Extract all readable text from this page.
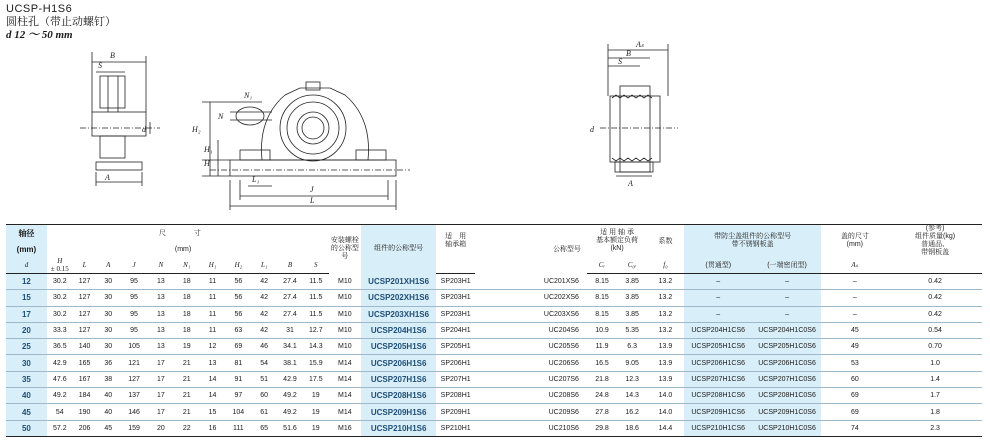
UCSP-H1S6
圆柱孔（带止动螺钉）
d 12 ～ 50 mm
B
S
d
A
N
N₁
H
H₁
H₂
L₁
J
L
Aₛ
B
S
d
A
轴径	尺					寸						安装螺栓的公称型号	组件的公称型号	适　用
轴承箱	公称型号	适 用 轴 承
基本额定负荷
(kN)		系数	带防尘盖组件的公称型号
带不锈钢板盖		盖的尺寸
(mm)	(参考)
组件质量(kg)
普通品、
带钢板盖
(mm)	(mm)																					
d	H
± 0.15	L	A	J	N	N₁	H₁	H₂	L₁	B	S					Cᵣ	C₀ᵣ	f₀	(贯通型)	(一端密闭型)	Aₛ	
12	30.2	127	30	95	13	18	11	56	42	27.4	11.5	M10	UCSP201XH1S6	SP203H1	UC201XS6	8.15	3.85	13.2	–	–	–	0.42
15	30.2	127	30	95	13	18	11	56	42	27.4	11.5	M10	UCSP202XH1S6	SP203H1	UC202XS6	8.15	3.85	13.2	–	–	–	0.42
17	30.2	127	30	95	13	18	11	56	42	27.4	11.5	M10	UCSP203XH1S6	SP203H1	UC203XS6	8.15	3.85	13.2	–	–	–	0.42
20	33.3	127	30	95	13	18	11	63	42	31	12.7	M10	UCSP204H1S6	SP204H1	UC204S6	10.9	5.35	13.2	UCSP204H1CS6	UCSP204H1C0S6	45	0.54
25	36.5	140	30	105	13	19	12	69	46	34.1	14.3	M10	UCSP205H1S6	SP205H1	UC205S6	11.9	6.3	13.9	UCSP205H1CS6	UCSP205H1C0S6	49	0.70
30	42.9	165	36	121	17	21	13	81	54	38.1	15.9	M14	UCSP206H1S6	SP206H1	UC206S6	16.5	9.05	13.9	UCSP206H1CS6	UCSP206H1C0S6	53	1.0
35	47.6	167	38	127	17	21	14	91	51	42.9	17.5	M14	UCSP207H1S6	SP207H1	UC207S6	21.8	12.3	13.9	UCSP207H1CS6	UCSP207H1C0S6	60	1.4
40	49.2	184	40	137	17	21	14	97	60	49.2	19	M14	UCSP208H1S6	SP208H1	UC208S6	24.8	14.3	14.0	UCSP208H1CS6	UCSP208H1C0S6	69	1.7
45	54	190	40	146	17	21	15	104	61	49.2	19	M14	UCSP209H1S6	SP209H1	UC209S6	27.8	16.2	14.0	UCSP209H1CS6	UCSP209H1C0S6	69	1.8
50	57.2	206	45	159	20	22	16	111	65	51.6	19	M16	UCSP210H1S6	SP210H1	UC210S6	29.8	18.6	14.4	UCSP210H1CS6	UCSP210H1C0S6	74	2.3
